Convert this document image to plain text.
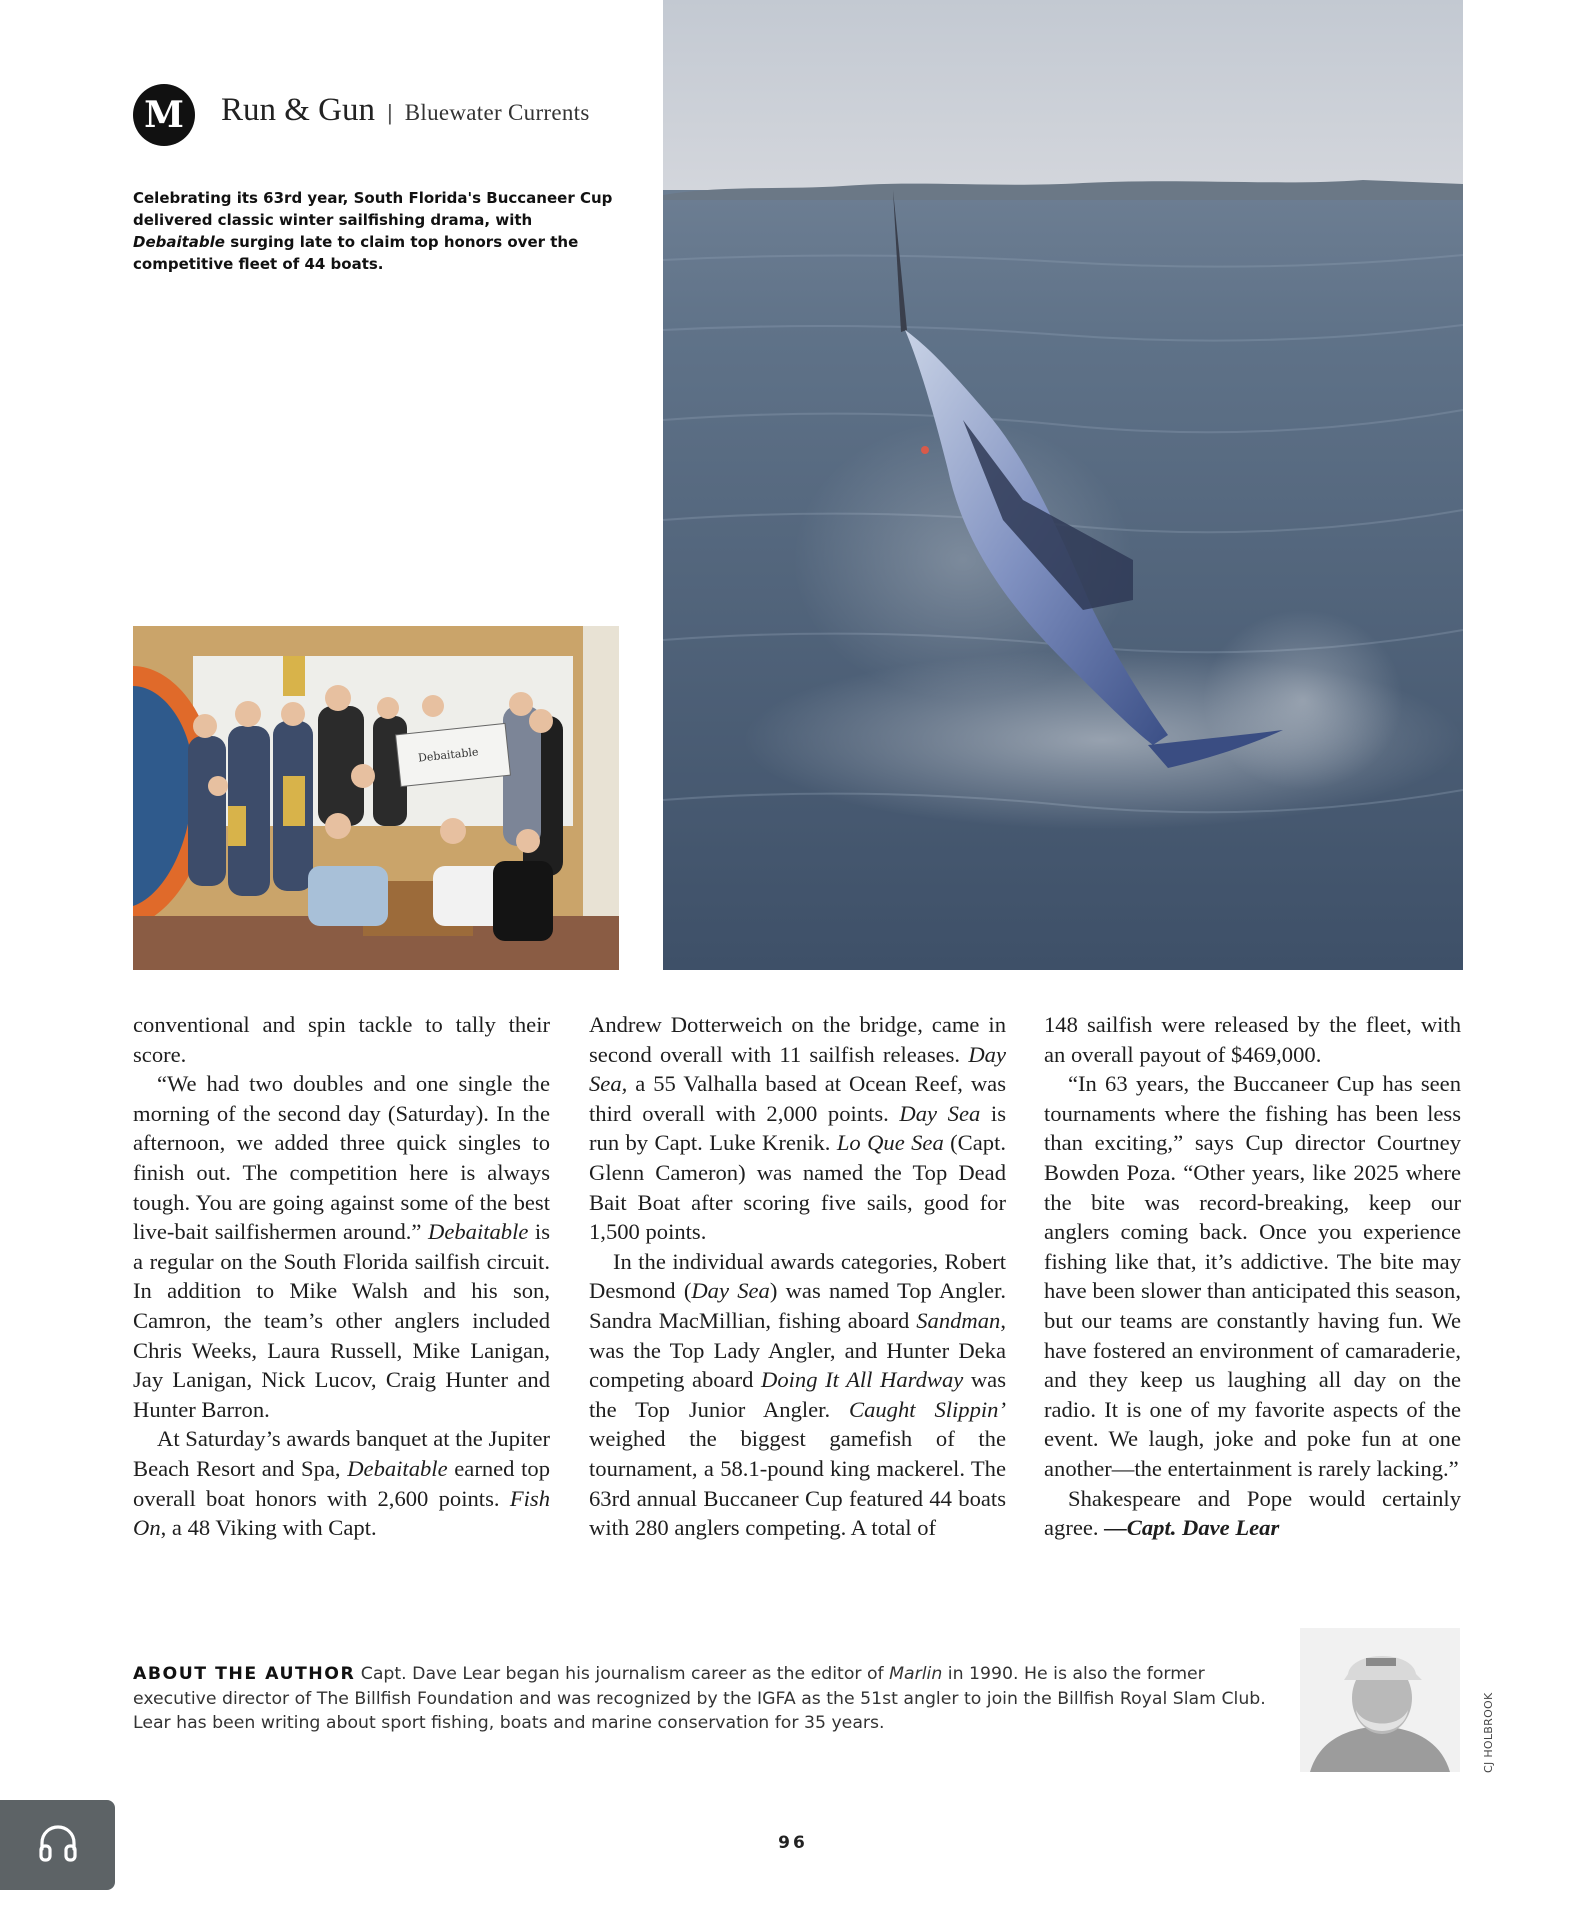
M Run & Gun | Bluewater Currents
Celebrating its 63rd year, South Florida's Buccaneer Cup delivered classic winter sailfishing drama, with Debaitable surging late to claim top honors over the competitive fleet of 44 boats.
Debaitable

conventional and spin tackle to tally their score.

“We had two doubles and one single the morning of the second day (Saturday). In the afternoon, we added three quick singles to finish out. The competition here is always tough. You are going against some of the best live-bait sailfishermen around.” Debaitable is a regular on the South Florida sailfish circuit. In addition to Mike Walsh and his son, Camron, the team’s other anglers included Chris Weeks, Laura Russell, Mike Lanigan, Jay Lanigan, Nick Lucov, Craig Hunter and Hunter Barron.

At Saturday’s awards banquet at the Jupiter Beach Resort and Spa, Debaitable earned top overall boat honors with 2,600 points. Fish On, a 48 Viking with Capt.

Andrew Dotterweich on the bridge, came in second overall with 11 sailfish releases. Day Sea, a 55 Valhalla based at Ocean Reef, was third overall with 2,000 points. Day Sea is run by Capt. Luke Krenik. Lo Que Sea (Capt. Glenn Cameron) was named the Top Dead Bait Boat after scoring five sails, good for 1,500 points.

In the individual awards categories, Robert Desmond (Day Sea) was named Top Angler. Sandra MacMillian, fishing aboard Sandman, was the Top Lady Angler, and Hunter Deka competing aboard Doing It All Hardway was the Top Junior Angler. Caught Slippin’ weighed the biggest gamefish of the tournament, a 58.1-pound king mackerel. The 63rd annual Buccaneer Cup featured 44 boats with 280 anglers competing. A total of

148 sailfish were released by the fleet, with an overall payout of $469,000.

“In 63 years, the Buccaneer Cup has seen tournaments where the fishing has been less than exciting,” says Cup director Courtney Bowden Poza. “Other years, like 2025 where the bite was record-breaking, keep our anglers coming back. Once you experience fishing like that, it’s addictive. The bite may have been slower than anticipated this season, but our teams are constantly having fun. We have fostered an environment of camaraderie, and they keep us laughing all day on the radio. It is one of my favorite aspects of the event. We laugh, joke and poke fun at one another—the entertainment is rarely lacking.”

Shakespeare and Pope would certainly agree. —Capt. Dave Lear

ABOUT THE AUTHOR Capt. Dave Lear began his journalism career as the editor of Marlin in 1990. He is also the former executive director of The Billfish Foundation and was recognized by the IGFA as the 51st angler to join the Billfish Royal Slam Club. Lear has been writing about sport fishing, boats and marine conservation for 35 years.	CJ HOLBROOK
96
